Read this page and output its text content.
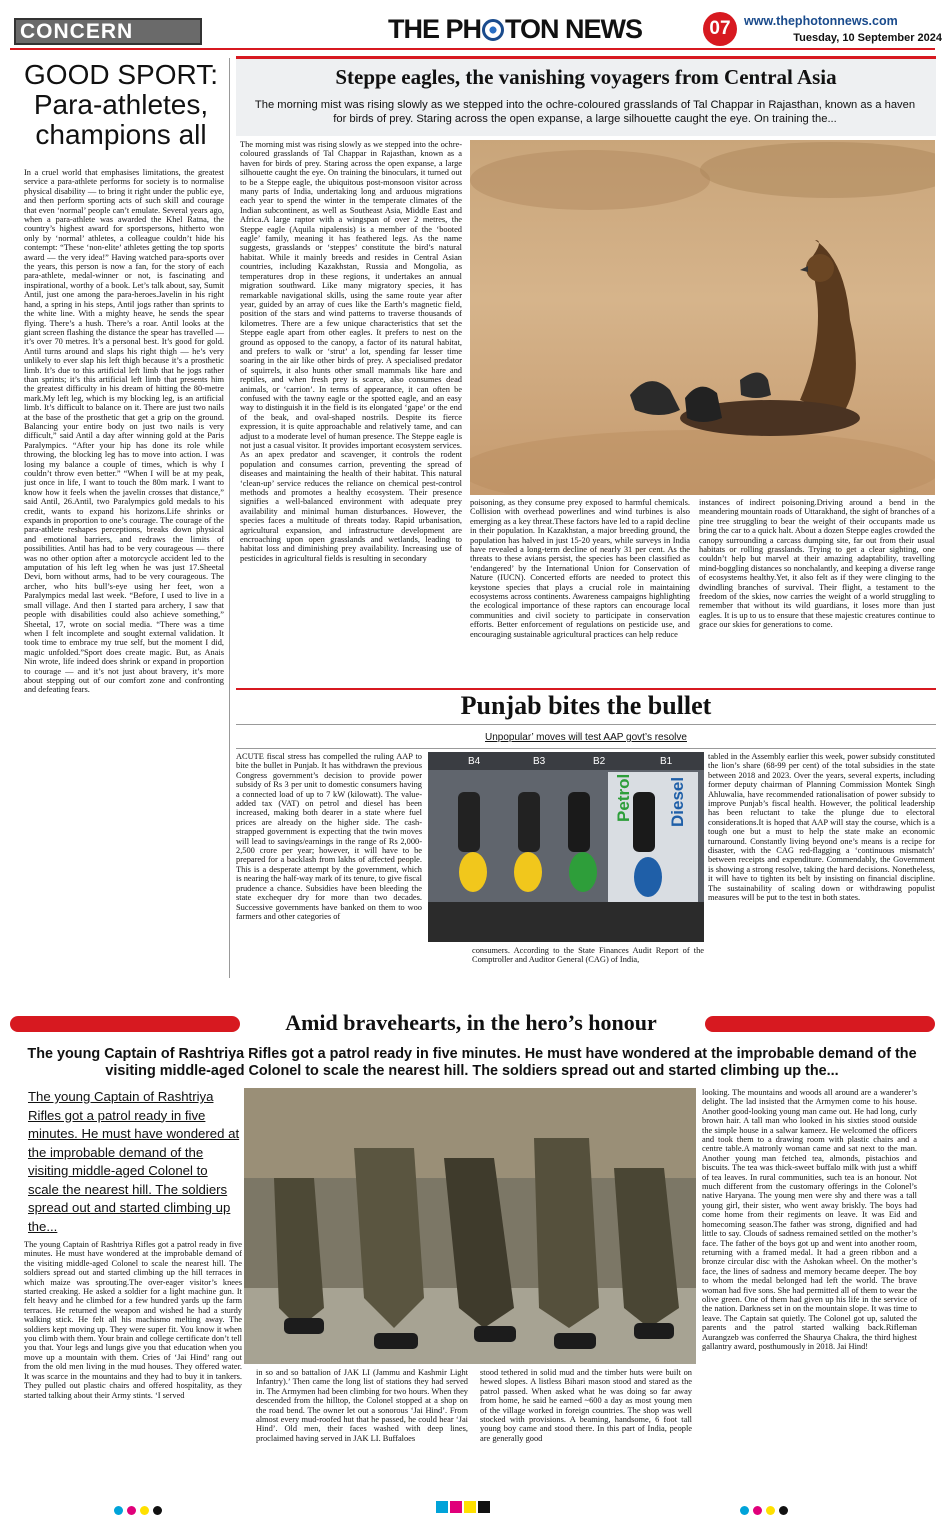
CONCERN	THE PH TON NEWS	07	www.thephotonnews.com
Tuesday, 10 September 2024
GOOD SPORT:
Para-athletes,
champions all
In a cruel world that emphasises limitations, the greatest service a para-athlete performs for society is to normalise physical disability — to bring it right under the public eye, and then perform sporting acts of such skill and courage that even ‘normal’ people can’t emulate. Several years ago, when a para-athlete was awarded the Khel Ratna, the country’s highest award for sportspersons, hitherto won only by ‘normal’ athletes, a colleague couldn’t hide his contempt: “These ‘non-elite’ athletes getting the top sports award — the very idea!” Having watched para-sports over the years, this person is now a fan, for the story of each para-athlete, medal-winner or not, is fascinating and inspirational, worthy of a book. Let’s talk about, say, Sumit Antil, just one among the para-heroes.Javelin in his right hand, a spring in his steps, Antil jogs rather than sprints to the white line. With a mighty heave, he sends the spear flying. There’s a hush. There’s a roar. Antil looks at the giant screen flashing the distance the spear has travelled — it’s over 70 metres. It’s a personal best. It’s good for gold. Antil turns around and slaps his right thigh — he’s very unlikely to ever slap his left thigh because it’s a prosthetic limb. It’s due to this artificial left limb that he jogs rather than sprints; it’s this artificial left limb that presents him the greatest difficulty in his dream of hitting the 80-metre mark.My left leg, which is my blocking leg, is an artificial limb. It’s difficult to balance on it. There are just two nails at the base of the prosthetic that get a grip on the ground. Balancing your entire body on just two nails is very difficult,” said Antil a day after winning gold at the Paris Paralympics. “After your hip has done its role while throwing, the blocking leg has to move into action. I was losing my balance a couple of times, which is why I couldn’t throw even better.” “When I will be at my peak, just once in life, I want to touch the 80m mark. I want to know how it feels when the javelin crosses that distance,” said Antil, 26.Antil, two Paralympics gold medals to his credit, wants to expand his horizons.Life shrinks or expands in proportion to one’s courage. The courage of the para-athlete reshapes perceptions, breaks down physical and emotional barriers, and redraws the limits of possibilities. Antil has had to be very courageous — there was no other option after a motorcycle accident led to the amputation of his left leg when he was just 17.Sheetal Devi, born without arms, had to be very courageous. The archer, who hits bull’s-eye using her feet, won a Paralympics medal last week. “Before, I used to live in a small village. And then I started para archery, I saw that people with disabilities could also achieve something,” Sheetal, 17, wrote on social media. “There was a time when I felt incomplete and sought external validation. It took time to embrace my true self, but the moment I did, magic unfolded.”Sport does create magic. But, as Anais Nin wrote, life indeed does shrink or expand in proportion to courage — and it’s not just about bravery, it’s more about stepping out of our comfort zone and confronting and defeating fears.
Steppe eagles, the vanishing voyagers from Central Asia
The morning mist was rising slowly as we stepped into the ochre-coloured grasslands of Tal Chappar in Rajasthan, known as a haven for birds of prey. Staring across the open expanse, a large silhouette caught the eye. On training the...
The morning mist was rising slowly as we stepped into the ochre-coloured grasslands of Tal Chappar in Rajasthan, known as a haven for birds of prey. Staring across the open expanse, a large silhouette caught the eye. On training the binoculars, it turned out to be a Steppe eagle, the ubiquitous post-monsoon visitor across many parts of India, undertaking long and arduous migrations each year to spend the winter in the temperate climates of the Indian subcontinent, as well as Southeast Asia, Middle East and Africa.A large raptor with a wingspan of over 2 metres, the Steppe eagle (Aquila nipalensis) is a member of the ‘booted eagle’ family, meaning it has feathered legs. As the name suggests, grasslands or ‘steppes’ constitute the bird’s natural habitat. While it mainly breeds and resides in Central Asian countries, including Kazakhstan, Russia and Mongolia, as temperatures drop in these regions, it undertakes an annual migration southward. Like many migratory species, it has remarkable navigational skills, using the same route year after year, guided by an array of cues like the Earth’s magnetic field, position of the stars and wind patterns to traverse thousands of kilometres. There are a few unique characteristics that set the Steppe eagle apart from other eagles. It prefers to nest on the ground as opposed to the canopy, a factor of its natural habitat, and prefers to walk or ‘strut’ a lot, spending far lesser time soaring in the air like other birds of prey. A specialised predator of squirrels, it also hunts other small mammals like hare and reptiles, and when fresh prey is scarce, also consumes dead animals, or ‘carrion’. In terms of appearance, it can often be confused with the tawny eagle or the spotted eagle, and an easy way to distinguish it in the field is its elongated ‘gape’ or the end of the beak, and oval-shaped nostrils. Despite its fierce expression, it is quite approachable and relatively tame, and can adjust to a moderate level of human presence. The Steppe eagle is not just a casual visitor. It provides important ecosystem services. As an apex predator and scavenger, it controls the rodent population and consumes carrion, preventing the spread of diseases and maintaining the health of their habitat. This natural ‘clean-up’ service reduces the reliance on chemical pest-control methods and promotes a healthy ecosystem. Their presence signifies a well-balanced environment with adequate prey availability and minimal human disturbances. However, the species faces a multitude of threats today. Rapid urbanisation, agricultural expansion, and infrastructure development are encroaching upon open grasslands and wetlands, leading to habitat loss and diminishing prey availability. Increasing use of pesticides in agricultural fields is resulting in secondary
poisoning, as they consume prey exposed to harmful chemicals. Collision with overhead powerlines and wind turbines is also emerging as a key threat.These factors have led to a rapid decline in their population. In Kazakhstan, a major breeding ground, the population has halved in just 15-20 years, while surveys in India have revealed a long-term decline of nearly 31 per cent. As the threats to these avians persist, the species has been classified as ‘endangered’ by the International Union for Conservation of Nature (IUCN). Concerted efforts are needed to protect this keystone species that plays a crucial role in maintaining ecosystems across continents. Awareness campaigns highlighting the ecological importance of these raptors can encourage local communities and civil society to participate in conservation efforts. Better enforcement of regulations on pesticide use, and encouraging sustainable agricultural practices can help reduce
instances of indirect poisoning.Driving around a bend in the meandering mountain roads of Uttarakhand, the sight of branches of a pine tree struggling to bear the weight of their occupants made us bring the car to a quick halt. About a dozen Steppe eagles crowded the canopy surrounding a carcass dumping site, far out from their usual habitats or rolling grasslands. Trying to get a clear sighting, one couldn’t help but marvel at their amazing adaptability, travelling mind-boggling distances so nonchalantly, and keeping a diverse range of ecosystems healthy.Yet, it also felt as if they were clinging to the dwindling branches of survival. Their flight, a testament to the freedom of the skies, now carries the weight of a world struggling to remember that without its wild guardians, it loses more than just eagles. It is up to us to ensure that these majestic creatures continue to grace our skies for generations to come.
Punjab bites the bullet
Unpopular’ moves will test AAP govt’s resolve
ACUTE fiscal stress has compelled the ruling AAP to bite the bullet in Punjab. It has withdrawn the previous Congress government’s decision to provide power subsidy of Rs 3 per unit to domestic consumers having a connected load of up to 7 kW (kilowatt). The value-added tax (VAT) on petrol and diesel has been increased, making both dearer in a state where fuel prices are already on the higher side. The cash-strapped government is expecting that the twin moves will lead to savings/earnings in the range of Rs 2,000-2,500 crore per year; however, it will have to be prepared for a backlash from lakhs of affected people. This is a desperate attempt by the government, which is nearing the half-way mark of its tenure, to give fiscal prudence a chance. Subsidies have been bleeding the state exchequer dry for more than two decades. Successive governments have banked on them to woo farmers and other categories of
B4	B3	B2	B1
Petrol Diesel
consumers. According to the State Finances Audit Report of the Comptroller and Auditor General (CAG) of India,
tabled in the Assembly earlier this week, power subsidy constituted the lion’s share (68-99 per cent) of the total subsidies in the state between 2018 and 2023. Over the years, several experts, including former deputy chairman of Planning Commission Montek Singh Ahluwalia, have recommended rationalisation of power subsidy to improve Punjab’s fiscal health. However, the political leadership has been reluctant to take the plunge due to electoral considerations.It is hoped that AAP will stay the course, which is a tough one but a must to help the state make an economic turnaround. Constantly living beyond one’s means is a recipe for disaster, with the CAG red-flagging a ‘continuous mismatch’ between receipts and expenditure. Commendably, the Government is showing a strong resolve, taking the hard decisions. Nonetheless, it will have to tighten its belt by insisting on financial discipline. The sustainability of scaling down or withdrawing populist measures will be put to the test in both states.
Amid bravehearts, in the hero’s honour
The young Captain of Rashtriya Rifles got a patrol ready in five minutes. He must have wondered at the improbable demand of the visiting middle-aged Colonel to scale the nearest hill. The soldiers spread out and started climbing up the...
The young Captain of Rashtriya Rifles got a patrol ready in five minutes. He must have wondered at the improbable demand of the visiting middle-aged Colonel to scale the nearest hill. The soldiers spread out and started climbing up the...
The young Captain of Rashtriya Rifles got a patrol ready in five minutes. He must have wondered at the improbable demand of the visiting middle-aged Colonel to scale the nearest hill. The soldiers spread out and started climbing up the hill terraces in which maize was sprouting.The over-eager visitor’s knees started creaking. He asked a soldier for a light machine gun. It felt heavy and he climbed for a few hundred yards up the farm terraces. He returned the weapon and wished he had a sturdy walking stick. He felt all his machismo melting away. The soldiers kept moving up. They were super fit. You know it when you climb with them. Your brain and college certificate don’t tell you that. Your legs and lungs give you that education when you move up a mountain with them. Cries of ‘Jai Hind’ rang out from the old men living in the mud houses. They offered water. It was scarce in the mountains and they had to buy it in tankers. They pulled out plastic chairs and offered hospitality, as they started talking about their Army stints. ‘I served
in so and so battalion of JAK LI (Jammu and Kashmir Light Infantry).’ Then came the long list of stations they had served in. The Armymen had been climbing for two hours. When they descended from the hilltop, the Colonel stopped at a shop on the road bend. The owner let out a sonorous ‘Jai Hind’. From almost every mud-roofed hut that he passed, he could hear ‘Jai Hind’. Old men, their faces washed with deep lines, proclaimed having served in JAK LI. Buffaloes
stood tethered in solid mud and the timber huts were built on hewed slopes. A listless Bihari mason stood and stared as the patrol passed. When asked what he was doing so far away from home, he said he earned ~600 a day as most young men of the village worked in foreign countries. The shop was well stocked with provisions. A beaming, handsome, 6 foot tall young boy came and stood there. In this part of India, people are generally good
looking. The mountains and woods all around are a wanderer’s delight. The lad insisted that the Armymen come to his house. Another good-looking young man came out. He had long, curly brown hair. A tall man who looked in his sixties stood outside the simple house in a salwar kameez. He welcomed the officers and took them to a drawing room with plastic chairs and a centre table.A matronly woman came and sat next to the man. Another young man fetched tea, almonds, pistachios and biscuits. The tea was thick-sweet buffalo milk with just a whiff of tea leaves. In rural communities, such tea is an honour. Not much different from the customary offerings in the Colonel’s native Haryana. The young men were shy and there was a tall young girl, their sister, who went away briskly. The boys had come home from their regiments on leave. It was Eid and homecoming season.The father was strong, dignified and had little to say. Clouds of sadness remained settled on the mother’s face. The father of the boys got up and went into another room, returning with a framed medal. It had a green ribbon and a bronze circular disc with the Ashokan wheel. On the mother’s face, the lines of sadness and memory became deeper. The boy to whom the medal belonged had left the world. The brave woman had five sons. She had permitted all of them to wear the olive green. One of them had given up his life in the service of the nation. Darkness set in on the mountain slope. It was time to leave. The Captain sat quietly. The Colonel got up, saluted the parents and the patrol started walking back.Rifleman Aurangzeb was conferred the Shaurya Chakra, the third highest gallantry award, posthumously in 2018. Jai Hind!
